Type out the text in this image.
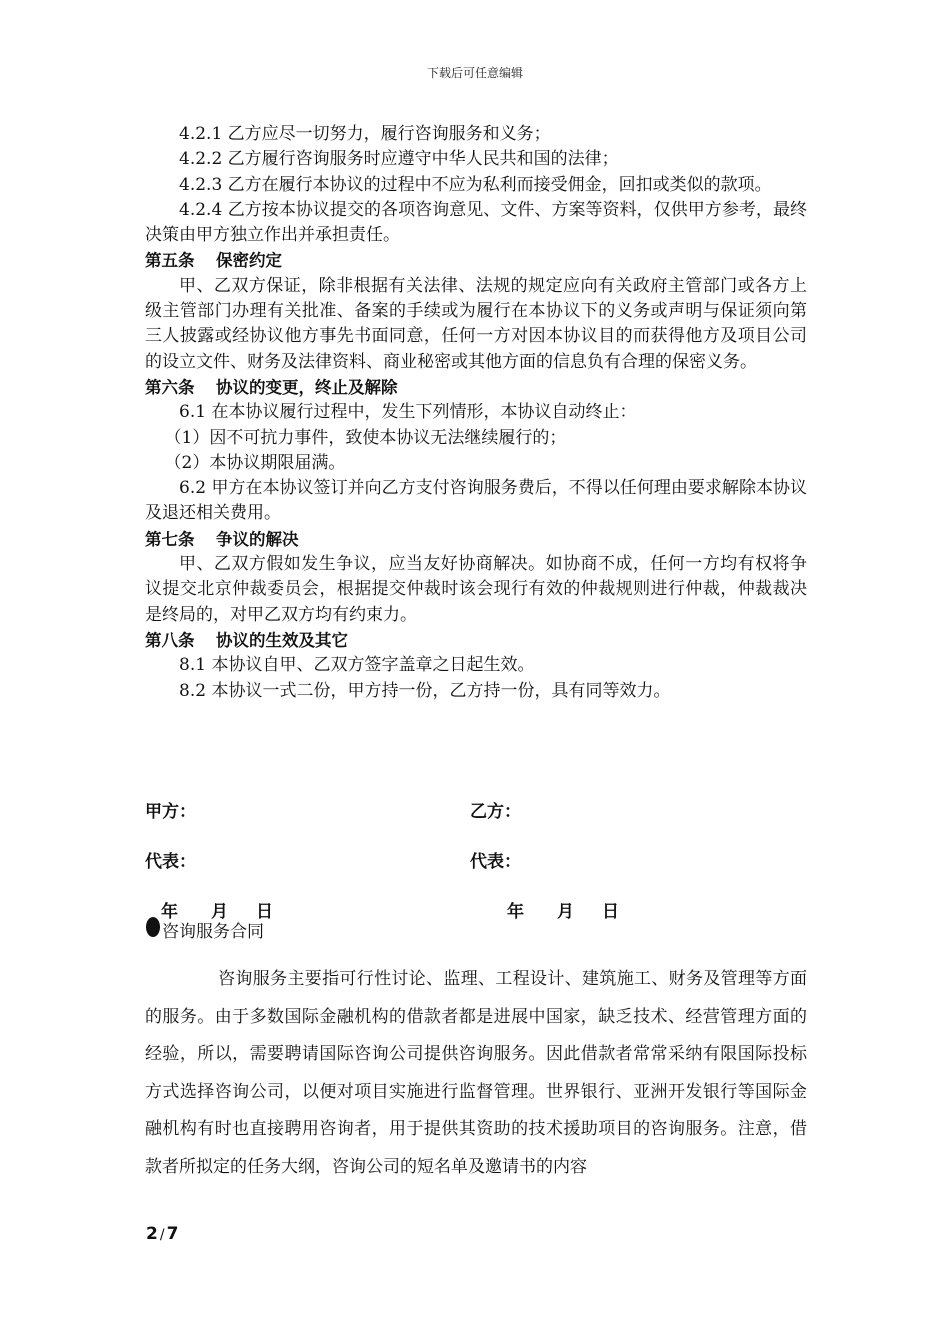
下载后可任意编辑

4.2.1 乙方应尽一切努力，履行咨询服务和义务；

4.2.2 乙方履行咨询服务时应遵守中华人民共和国的法律；

4.2.3 乙方在履行本协议的过程中不应为私利而接受佣金，回扣或类似的款项。

4.2.4 乙方按本协议提交的各项咨询意见、文件、方案等资料，仅供甲方参考，最终决策由甲方独立作出并承担责任。

第五条 保密约定

甲、乙双方保证，除非根据有关法律、法规的规定应向有关政府主管部门或各方上级主管部门办理有关批准、备案的手续或为履行在本协议下的义务或声明与保证须向第三人披露或经协议他方事先书面同意，任何一方对因本协议目的而获得他方及项目公司的设立文件、财务及法律资料、商业秘密或其他方面的信息负有合理的保密义务。

第六条 协议的变更，终止及解除

6.1 在本协议履行过程中，发生下列情形，本协议自动终止：

（1）因不可抗力事件，致使本协议无法继续履行的；

（2）本协议期限届满。

6.2 甲方在本协议签订并向乙方支付咨询服务费后，不得以任何理由要求解除本协议及退还相关费用。

第七条 争议的解决

甲、乙双方假如发生争议，应当友好协商解决。如协商不成，任何一方均有权将争议提交北京仲裁委员会，根据提交仲裁时该会现行有效的仲裁规则进行仲裁，仲裁裁决是终局的，对甲乙双方均有约束力。

第八条 协议的生效及其它

8.1 本协议自甲、乙双方签字盖章之日起生效。

8.2 本协议一式二份，甲方持一份，乙方持一份，具有同等效力。

甲方：	乙方：
代表：	代表：
年 月 日	年 月 日
咨询服务合同

咨询服务主要指可行性讨论、监理、工程设计、建筑施工、财务及管理等方面的服务。由于多数国际金融机构的借款者都是进展中国家，缺乏技术、经营管理方面的经验，所以，需要聘请国际咨询公司提供咨询服务。因此借款者常常采纳有限国际投标方式选择咨询公司，以便对项目实施进行监督管理。世界银行、亚洲开发银行等国际金融机构有时也直接聘用咨询者，用于提供其资助的技术援助项目的咨询服务。注意，借款者所拟定的任务大纲，咨询公司的短名单及邀请书的内容

2 / 7
